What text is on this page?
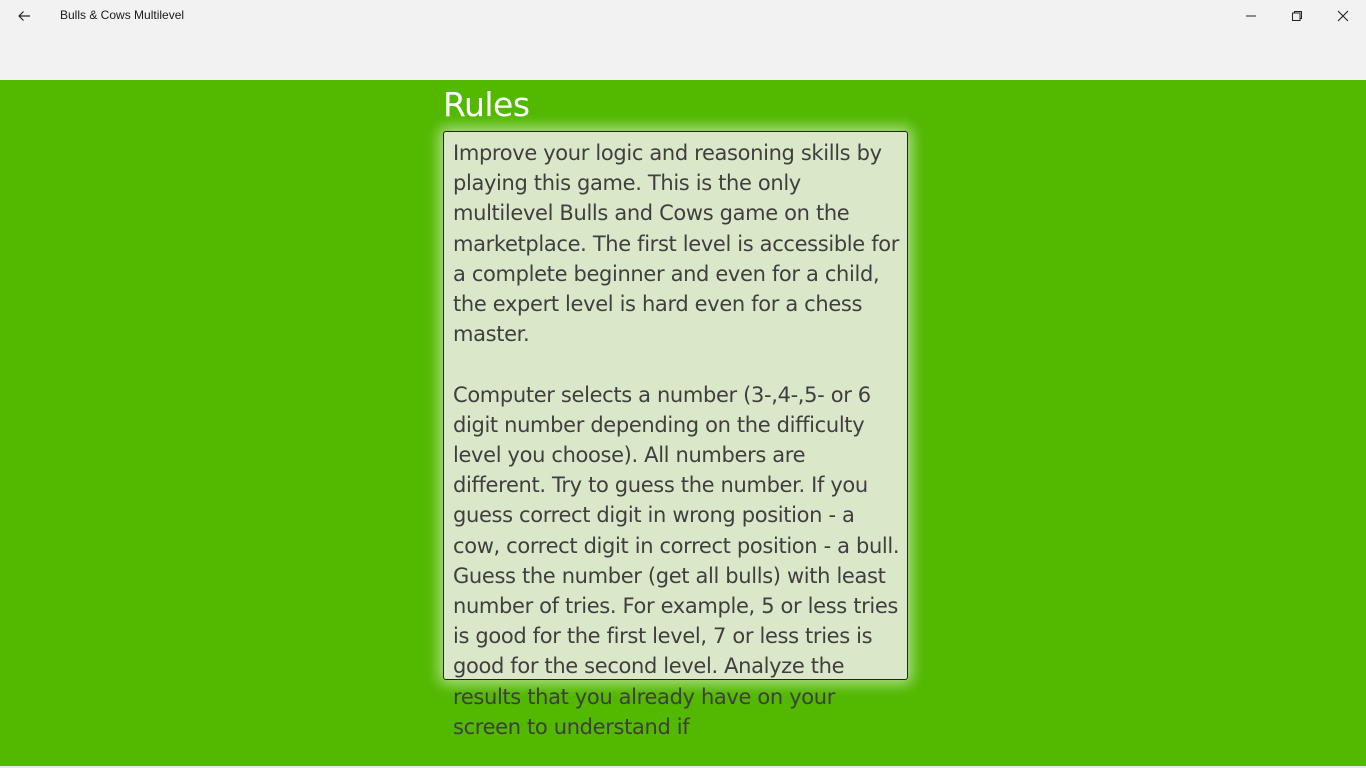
Bulls & Cows Multilevel
Rules

Improve your logic and reasoning skills by playing this game. This is the only multilevel Bulls and Cows game on the marketplace. The first level is accessible for a complete beginner and even for a child, the expert level is hard even for a chess master.

Computer selects a number (3-,4-,5- or 6 digit number depending on the difficulty level you choose). All numbers are different. Try to guess the number. If you guess correct digit in wrong position - a cow, correct digit in correct position - a bull. Guess the number (get all bulls) with least number of tries. For example, 5 or less tries is good for the first level, 7 or less tries is good for the second level. Analyze the results that you already have on your screen to understand if
